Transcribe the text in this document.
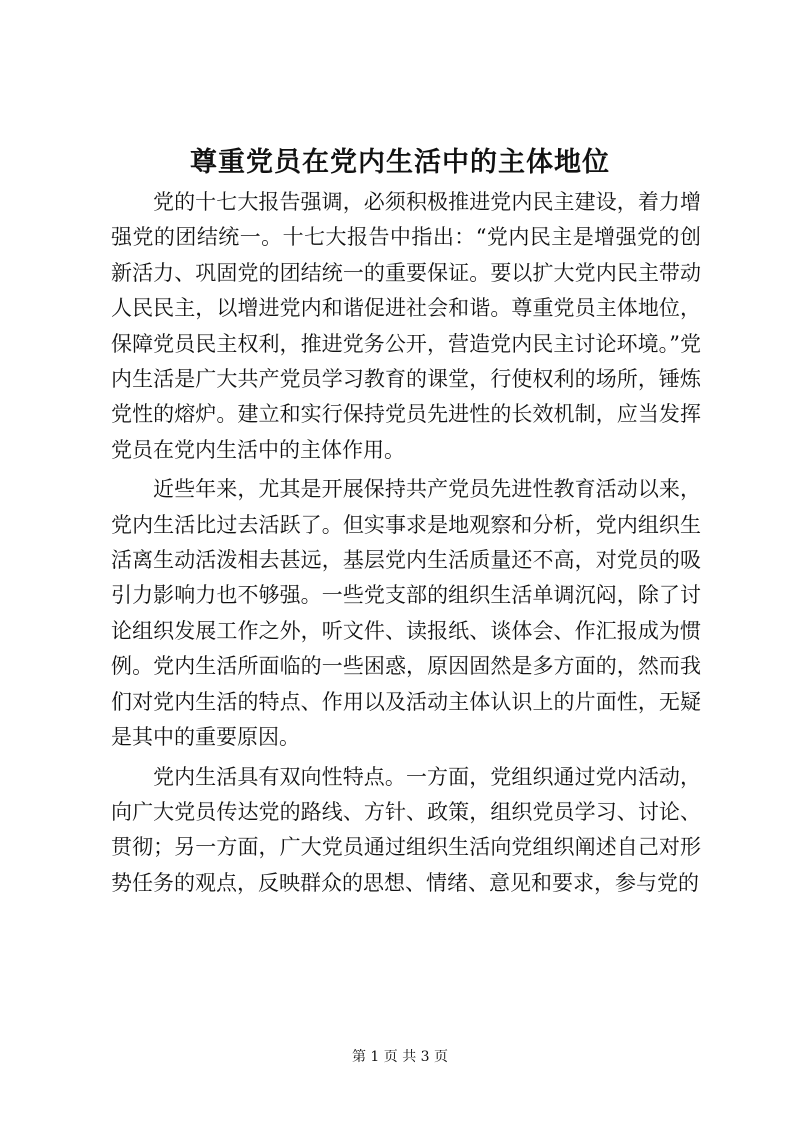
尊重党员在党内生活中的主体地位

党的十七大报告强调，必须积极推进党内民主建设，着力增强党的团结统一。十七大报告中指出：“党内民主是增强党的创新活力、巩固党的团结统一的重要保证。要以扩大党内民主带动人民民主，以增进党内和谐促进社会和谐。尊重党员主体地位，保障党员民主权利，推进党务公开，营造党内民主讨论环境。”党内生活是广大共产党员学习教育的课堂，行使权利的场所，锤炼党性的熔炉。建立和实行保持党员先进性的长效机制，应当发挥党员在党内生活中的主体作用。

近些年来，尤其是开展保持共产党员先进性教育活动以来，党内生活比过去活跃了。但实事求是地观察和分析，党内组织生活离生动活泼相去甚远，基层党内生活质量还不高，对党员的吸引力影响力也不够强。一些党支部的组织生活单调沉闷，除了讨论组织发展工作之外，听文件、读报纸、谈体会、作汇报成为惯例。党内生活所面临的一些困惑，原因固然是多方面的，然而我们对党内生活的特点、作用以及活动主体认识上的片面性，无疑是其中的重要原因。

党内生活具有双向性特点。一方面，党组织通过党内活动，向广大党员传达党的路线、方针、政策，组织党员学习、讨论、贯彻；另一方面，广大党员通过组织生活向党组织阐述自己对形势任务的观点，反映群众的思想、情绪、意见和要求，参与党的

第 1 页 共 3 页
